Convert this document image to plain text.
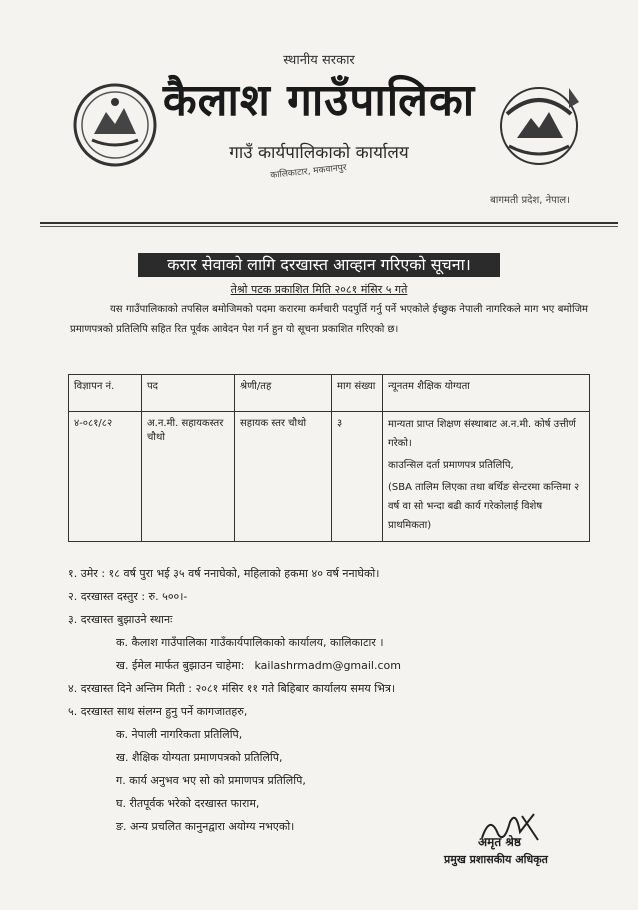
स्थानीय सरकार
कैलाश गाउँपालिका
गाउँ कार्यपालिकाको कार्यालय
कालिकाटार, मकवानपुर
बागमती प्रदेश, नेपाल।
करार सेवाको लागि दरखास्त आव्हान गरिएको सूचना।
तेश्रो पटक प्रकाशित मिति २०८१ मंसिर ५ गते
यस गाउँपालिकाको तपसिल बमोजिमको पदमा करारमा कर्मचारी पदपुर्ति गर्नु पर्ने भएकोले ईच्छुक नेपाली नागरिकले माग भए बमोजिम प्रमाणपत्रको प्रतिलिपि सहित रित पूर्वक आवेदन पेश गर्न हुन यो सूचना प्रकाशित गरिएको छ।
विज्ञापन नं.	पद	श्रेणी/तह	माग संख्या	न्यूनतम शैक्षिक योग्यता
४-०८१/८२	अ.न.मी. सहायकस्तर चौथो	सहायक स्तर चौथो	३	मान्यता प्राप्त शिक्षण संस्थाबाट अ.न.मी. कोर्ष उत्तीर्ण गरेको।
काउन्सिल दर्ता प्रमाणपत्र प्रतिलिपि,
(SBA तालिम लिएका तथा बर्थिङ सेन्टरमा कन्तिमा २ वर्ष वा सो भन्दा बढी कार्य गरेकोलाई विशेष प्राथमिकता)
१. उमेर : १८ वर्ष पुरा भई ३५ वर्ष ननाघेको, महिलाको हकमा ४० वर्ष ननाघेको।
२. दरखास्त दस्तुर : रु. ५००।-
३. दरखास्त बुझाउने स्थानः
क. कैलाश गाउँपालिका गाउँकार्यपालिकाको कार्यालय, कालिकाटार ।
ख. ईमेल मार्फत बुझाउन चाहेमा: kailashrmadm@gmail.com
४. दरखास्त दिने अन्तिम मिती : २०८१ मंसिर ११ गते बिहिबार कार्यालय समय भित्र।
५. दरखास्त साथ संलग्न हुनु पर्ने कागजातहरु,
क. नेपाली नागरिकता प्रतिलिपि,
ख. शैक्षिक योग्यता प्रमाणपत्रको प्रतिलिपि,
ग. कार्य अनुभव भए सो को प्रमाणपत्र प्रतिलिपि,
घ. रीतपूर्वक भरेको दरखास्त फाराम,
ङ. अन्य प्रचलित कानुनद्वारा अयोग्य नभएको।
अमृत श्रेष्ठ
प्रमुख प्रशासकीय अधिकृत
